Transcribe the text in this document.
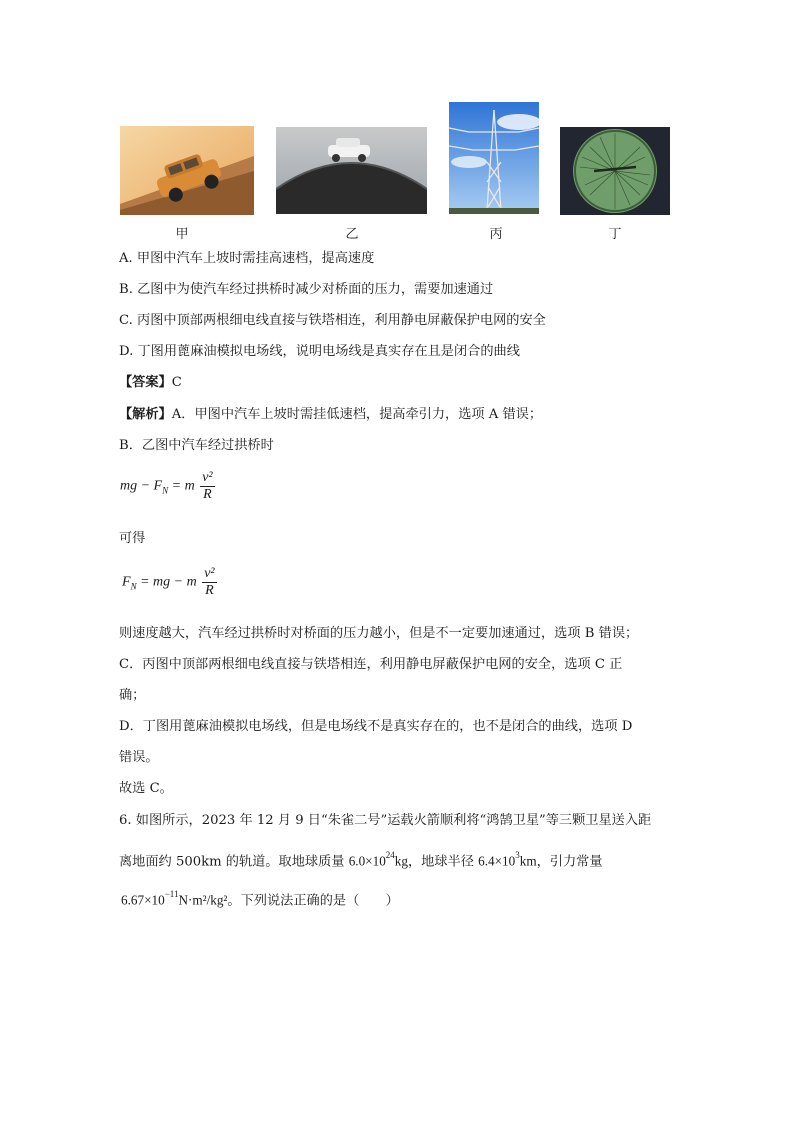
甲	乙	丙	丁
A. 甲图中汽车上坡时需挂高速档，提高速度
B. 乙图中为使汽车经过拱桥时减少对桥面的压力，需要加速通过
C. 丙图中顶部两根细电线直接与铁塔相连，利用静电屏蔽保护电网的安全
D. 丁图用蓖麻油模拟电场线，说明电场线是真实存在且是闭合的曲线
【答案】C
【解析】A．甲图中汽车上坡时需挂低速档，提高牵引力，选项 A 错误；
B．乙图中汽车经过拱桥时
mg − $F_N = m \frac{\text{v²}}{R}$
可得
$F_N$ = mg − m $\frac{\text{v²}}{R}$
则速度越大，汽车经过拱桥时对桥面的压力越小，但是不一定要加速通过，选项 B 错误；
C．丙图中顶部两根细电线直接与铁塔相连，利用静电屏蔽保护电网的安全，选项 C 正
确；
D．丁图用蓖麻油模拟电场线，但是电场线不是真实存在的，也不是闭合的曲线，选项 D
错误。
故选 C。
6. 如图所示，2023 年 12 月 9 日“朱雀二号”运载火箭顺利将“鸿鹄卫星”等三颗卫星送入距
离地面约 500km 的轨道。取地球质量 $6.0\times 10^{24}kg$，地球半径 $6.4\times 10^3km$，引力常量
$6.67\times 10^{-11}N\cdot m^2$/kg²。下列说法正确的是（　　）
